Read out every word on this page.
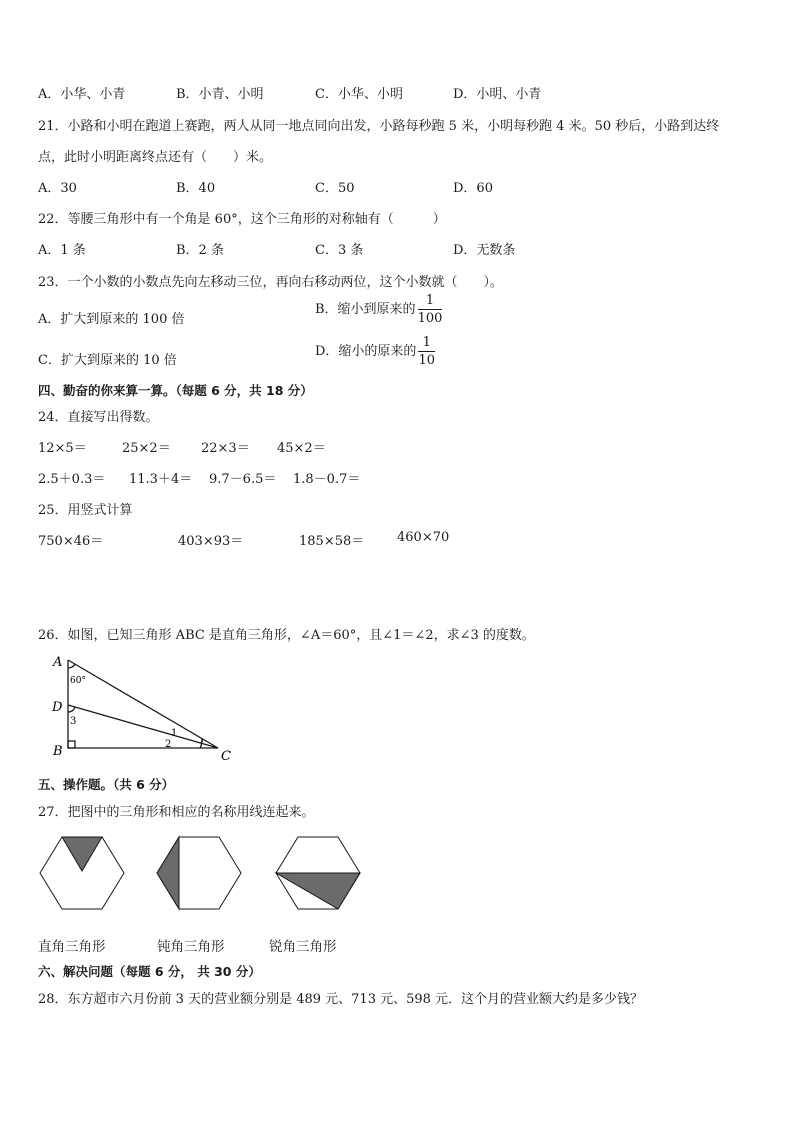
A．小华、小青	B．小青、小明	C．小华、小明	D．小明、小青
21．小路和小明在跑道上赛跑，两人从同一地点同向出发，小路每秒跑 5 米，小明每秒跑 4 米。50 秒后，小路到达终
点，此时小明距离终点还有（　　）米。
A．30	B．40	C．50	D．60
22．等腰三角形中有一个角是 60°，这个三角形的对称轴有（　　　）
A．1 条	B．2 条	C．3 条	D．无数条
23．一个小数的小数点先向左移动三位，再向右移动两位，这个小数就（　　）。
A．扩大到原来的 100 倍
B．缩小到原来的 $\frac{1}{100}$
C．扩大到原来的 10 倍
D．缩小的原来的 $\frac{1}{10}$
四、勤奋的你来算一算。（每题 6 分，共 18 分）
24．直接写出得数。
12×5＝	25×2＝ 22×3＝ 45×2＝
2.5＋0.3＝ 11.3＋4＝ 9.7－6.5＝ 1.8－0.7＝
25．用竖式计算
750×46＝	403×93＝	185×58＝	460×70
26．如图，已知三角形 ABC 是直角三角形，∠A＝60°，且∠1＝∠2，求∠3 的度数。
A
D
B	C
60°
3
1
2
五、操作题。（共 6 分）
27．把图中的三角形和相应的名称用线连起来。
直角三角形	钝角三角形	锐角三角形
六、解决问题（每题 6 分， 共 30 分）
28．东方超市六月份前 3 天的营业额分别是 489 元、713 元、598 元．这个月的营业额大约是多少钱？
